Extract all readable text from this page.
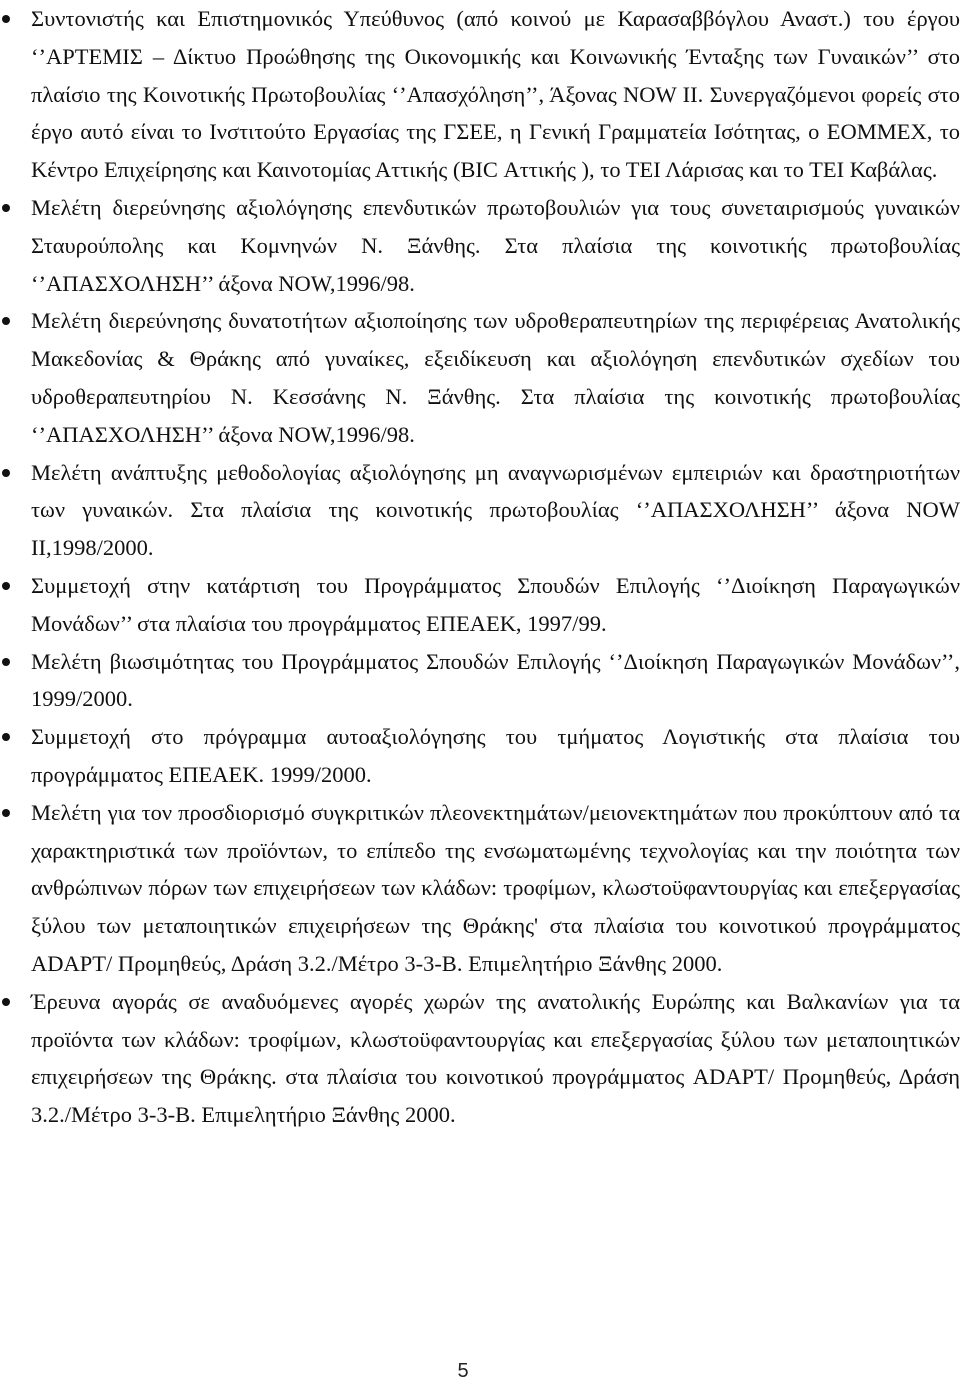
Συντονιστής και Επιστημονικός Υπεύθυνος (από κοινού με Καρασαββόγλου Αναστ.) του έργου ‘’ΑΡΤΕΜΙΣ – Δίκτυο Προώθησης της Οικονομικής και Κοινωνικής Ένταξης των Γυναικών’’ στο πλαίσιο της Κοινοτικής Πρωτοβουλίας ‘’Απασχόληση’’, Άξονας NOW ΙΙ. Συνεργαζόμενοι φορείς στο έργο αυτό είναι το Ινστιτούτο Εργασίας της ΓΣΕΕ, η Γενική Γραμματεία Ισότητας, ο ΕΟΜΜΕΧ, το Κέντρο Επιχείρησης και Καινοτομίας Αττικής (BIC Αττικής ), το ΤΕΙ Λάρισας και το ΤΕΙ Καβάλας.
Μελέτη διερεύνησης αξιολόγησης επενδυτικών πρωτοβουλιών για τους συνεταιρισμούς γυναικών Σταυρούπολης και Κομνηνών Ν. Ξάνθης. Στα πλαίσια της κοινοτικής πρωτοβουλίας ‘’ΑΠΑΣΧΟΛΗΣΗ’’ άξονα NOW,1996/98.
Μελέτη διερεύνησης δυνατοτήτων αξιοποίησης των υδροθεραπευτηρίων της περιφέρειας Ανατολικής Μακεδονίας & Θράκης από γυναίκες, εξειδίκευση και αξιολόγηση επενδυτικών σχεδίων του υδροθεραπευτηρίου Ν. Κεσσάνης Ν. Ξάνθης. Στα πλαίσια της κοινοτικής πρωτοβουλίας ‘’ΑΠΑΣΧΟΛΗΣΗ’’ άξονα NOW,1996/98.
Μελέτη ανάπτυξης μεθοδολογίας αξιολόγησης μη αναγνωρισμένων εμπειριών και δραστηριοτήτων των γυναικών. Στα πλαίσια της κοινοτικής πρωτοβουλίας ‘’ΑΠΑΣΧΟΛΗΣΗ’’ άξονα NOW II,1998/2000.
Συμμετοχή στην κατάρτιση του Προγράμματος Σπουδών Επιλογής ‘’Διοίκηση Παραγωγικών Μονάδων’’ στα πλαίσια του προγράμματος ΕΠΕΑΕΚ, 1997/99.
Μελέτη βιωσιμότητας του Προγράμματος Σπουδών Επιλογής ‘’Διοίκηση Παραγωγικών Μονάδων’’, 1999/2000.
Συμμετοχή στο πρόγραμμα αυτοαξιολόγησης του τμήματος Λογιστικής στα πλαίσια του προγράμματος ΕΠΕΑΕΚ. 1999/2000.
Μελέτη για τον προσδιορισμό συγκριτικών πλεονεκτημάτων/μειονεκτημάτων που προκύπτουν από τα χαρακτηριστικά των προϊόντων, το επίπεδο της ενσωματωμένης τεχνολογίας και την ποιότητα των ανθρώπινων πόρων των επιχειρήσεων των κλάδων: τροφίμων, κλωστοϋφαντουργίας και επεξεργασίας ξύλου των μεταποιητικών επιχειρήσεων της Θράκης' στα πλαίσια του κοινοτικού προγράμματος ADAPT/ Προμηθεύς, Δράση 3.2./Μέτρο 3-3-Β. Επιμελητήριο Ξάνθης 2000.
Έρευνα αγοράς σε αναδυόμενες αγορές χωρών της ανατολικής Ευρώπης και Βαλκανίων για τα προϊόντα των κλάδων: τροφίμων, κλωστοϋφαντουργίας και επεξεργασίας ξύλου των μεταποιητικών επιχειρήσεων της Θράκης. στα πλαίσια του κοινοτικού προγράμματος ADAPT/ Προμηθεύς, Δράση 3.2./Μέτρο 3-3-Β. Επιμελητήριο Ξάνθης 2000.
5
